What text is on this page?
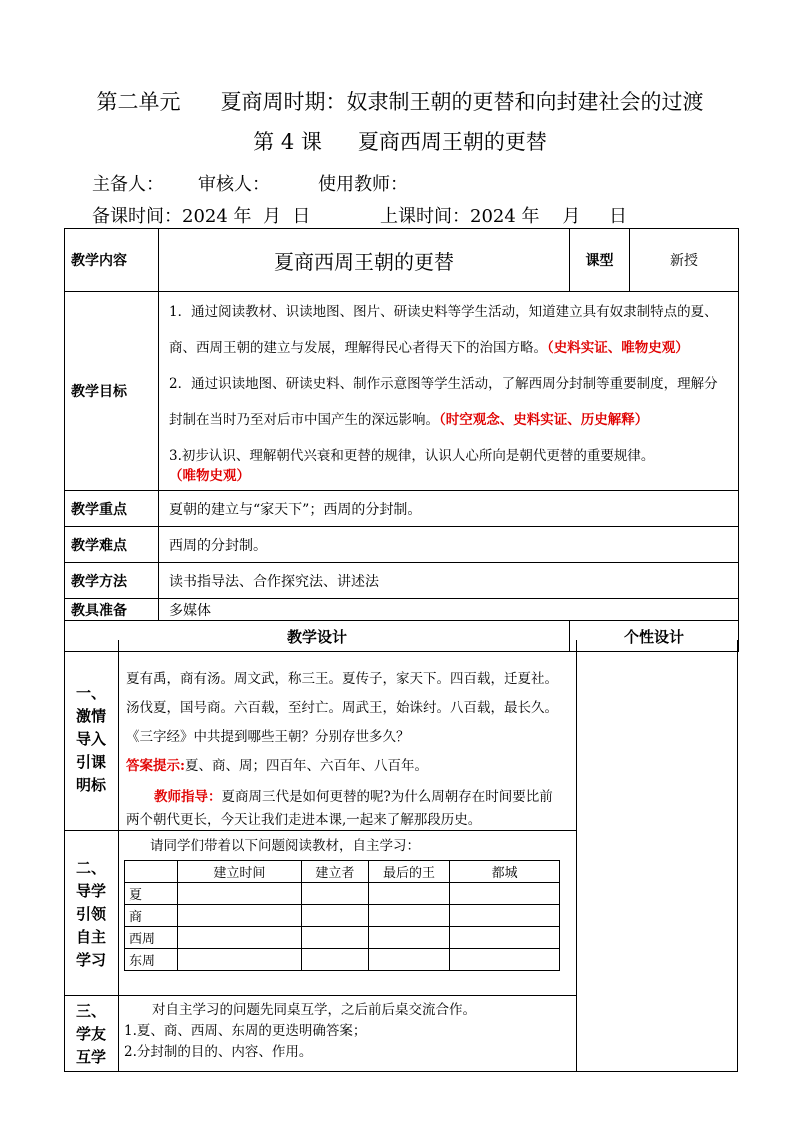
第二单元 夏商周时期：奴隶制王朝的更替和向封建社会的过渡
第 4 课 夏商西周王朝的更替
主备人： 审核人：	使用教师：
备课时间：2024 年  月  日	上课时间：2024 年    月     日
教学内容	夏商西周王朝的更替	课型	新授
教学目标	1．通过阅读教材、识读地图、图片、研读史料等学生活动，知道建立具有奴隶制特点的夏、

商、西周王朝的建立与发展，理解得民心者得天下的治国方略。（史料实证、唯物史观）

2．通过识读地图、研读史料、制作示意图等学生活动，了解西周分封制等重要制度，理解分

封制在当时乃至对后市中国产生的深远影响。（时空观念、史料实证、历史解释）

3.初步认识、理解朝代兴衰和更替的规律，认识人心所向是朝代更替的重要规律。（唯物史观）		

教学重点	夏朝的建立与“家天下”；西周的分封制。		
教学难点	西周的分封制。		
教学方法	读书指导法、合作探究法、讲述法		
教具准备	多媒体		
教学设计		个性设计	
一、
激情
导入
引课
明标
夏有禹，商有汤。周文武，称三王。夏传子，家天下。四百载，迁夏社。
汤伐夏，国号商。六百载，至纣亡。周武王，始诛纣。八百载，最长久。
《三字经》中共提到哪些王朝？分别存世多久？
答案提示:夏、商、周；四百年、六百年、八百年。
教师指导：夏商周三代是如何更替的呢?为什么周朝存在时间要比前
两个朝代更长，今天让我们走进本课,一起来了解那段历史。
二、
导学
引领
自主
学习
请同学们带着以下问题阅读教材，自主学习：
	建立时间	建立者	最后的王	都城
夏				
商				
西周				
东周				
三、
学友
互学
对自主学习的问题先同桌互学，之后前后桌交流合作。
1.夏、商、西周、东周的更迭明确答案；
2.分封制的目的、内容、作用。
